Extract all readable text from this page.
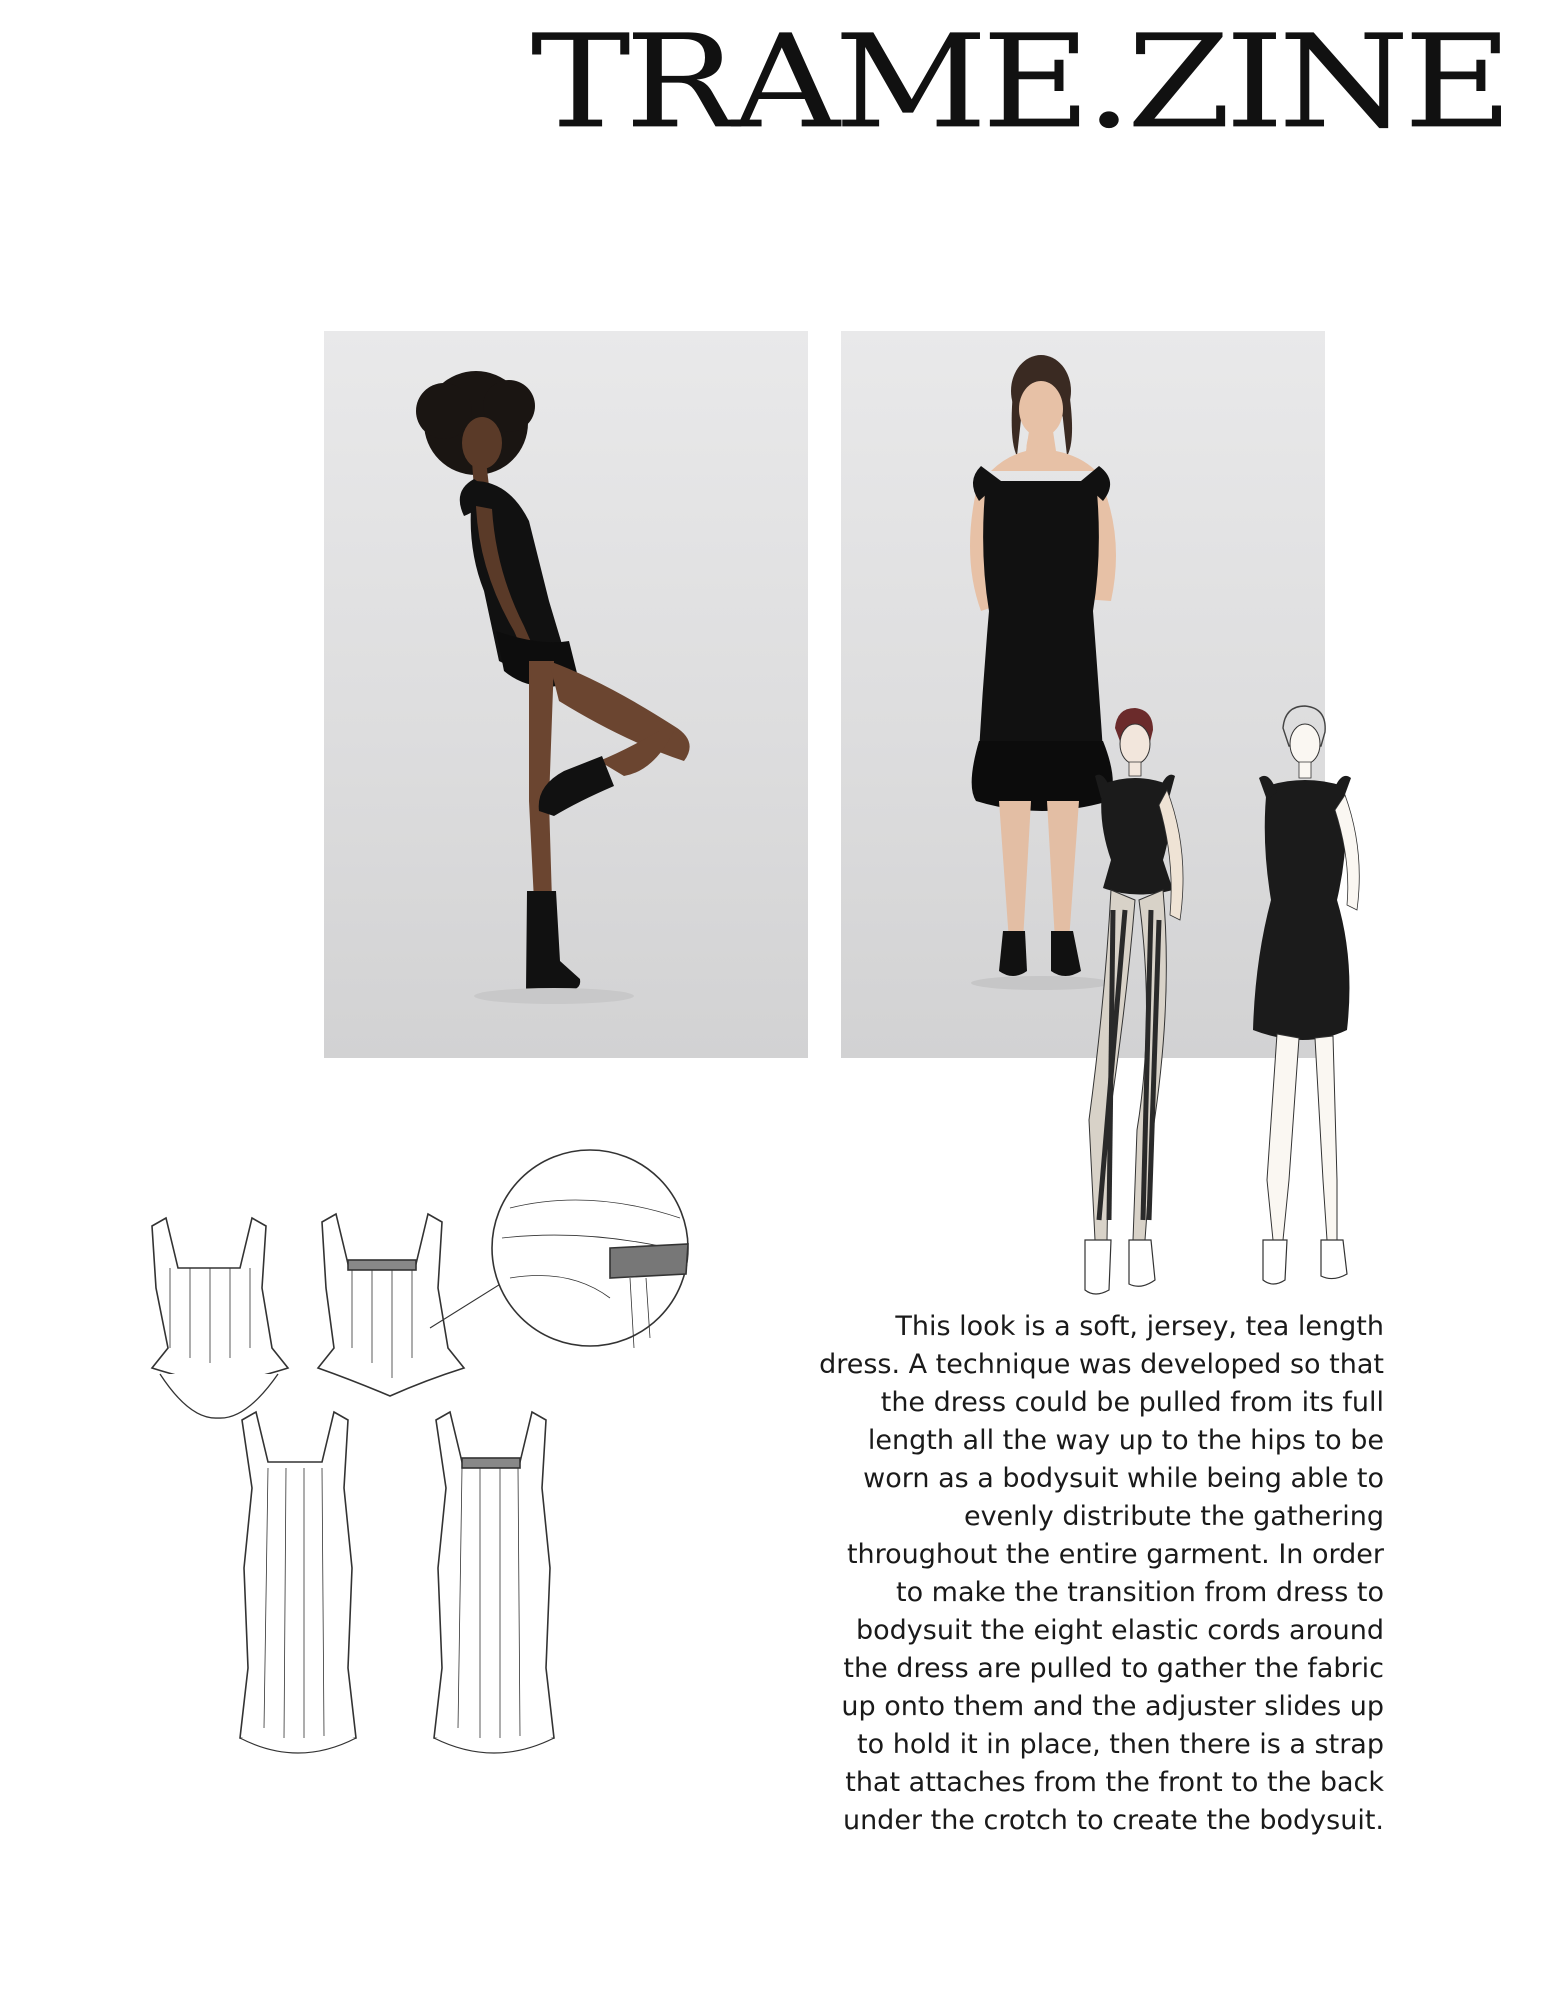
TRAME.ZINE

This look is a soft, jersey, tea length dress. A technique was developed so that the dress could be pulled from its full length all the way up to the hips to be worn as a bodysuit while being able to evenly distribute the gathering throughout the entire garment. In order to make the transition from dress to bodysuit the eight elastic cords around the dress are pulled to gather the fabric up onto them and the adjuster slides up to hold it in place, then there is a strap that attaches from the front to the back under the crotch to create the bodysuit.
